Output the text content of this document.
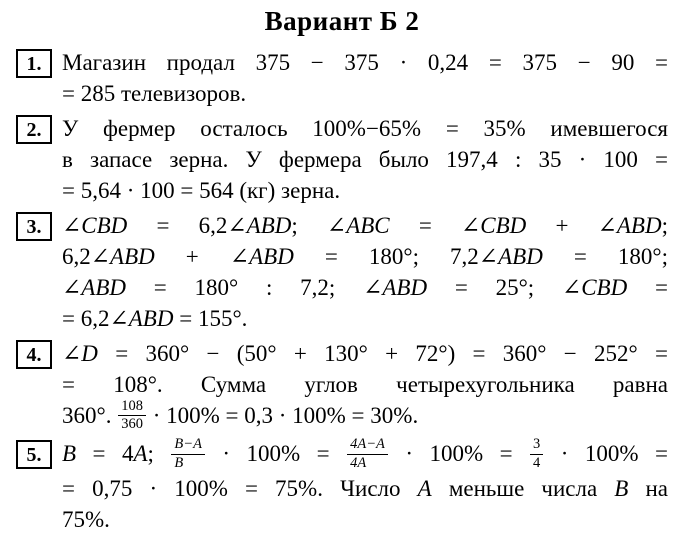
Вариант Б 2
1. Магазин продал 375 − 375 · 0,24 = 375 − 90 =
= 285 телевизоров.
2. У фермер осталось 100%−65% = 35% имевшегося
в запасе зерна. У фермера было 197,4 : 35 · 100 =
= 5,64 · 100 = 564 (кг) зерна.
3. ∠CBD = 6,2∠ABD; ∠ABC = ∠CBD + ∠ABD;
6,2∠ABD + ∠ABD = 180°; 7,2∠ABD = 180°;
∠ABD = 180° : 7,2; ∠ABD = 25°; ∠CBD =
= 6,2∠ABD = 155°.
4. ∠D = 360° − (50° + 130° + 72°) = 360° − 252° =
= 108°. Сумма углов четырехугольника равна
360°. $\frac{108}{360} \cdot 100\% = 0,3 \cdot 100\% = 30\%$.
5. B = 4A; $\frac{B-A}{B} \cdot 100\% = \frac{4A-A}{4A} \cdot 100\% = \frac{3}{4} \cdot 100\%$ =
= 0,75 · 100% = 75%. Число A меньше числа B на
75%.
